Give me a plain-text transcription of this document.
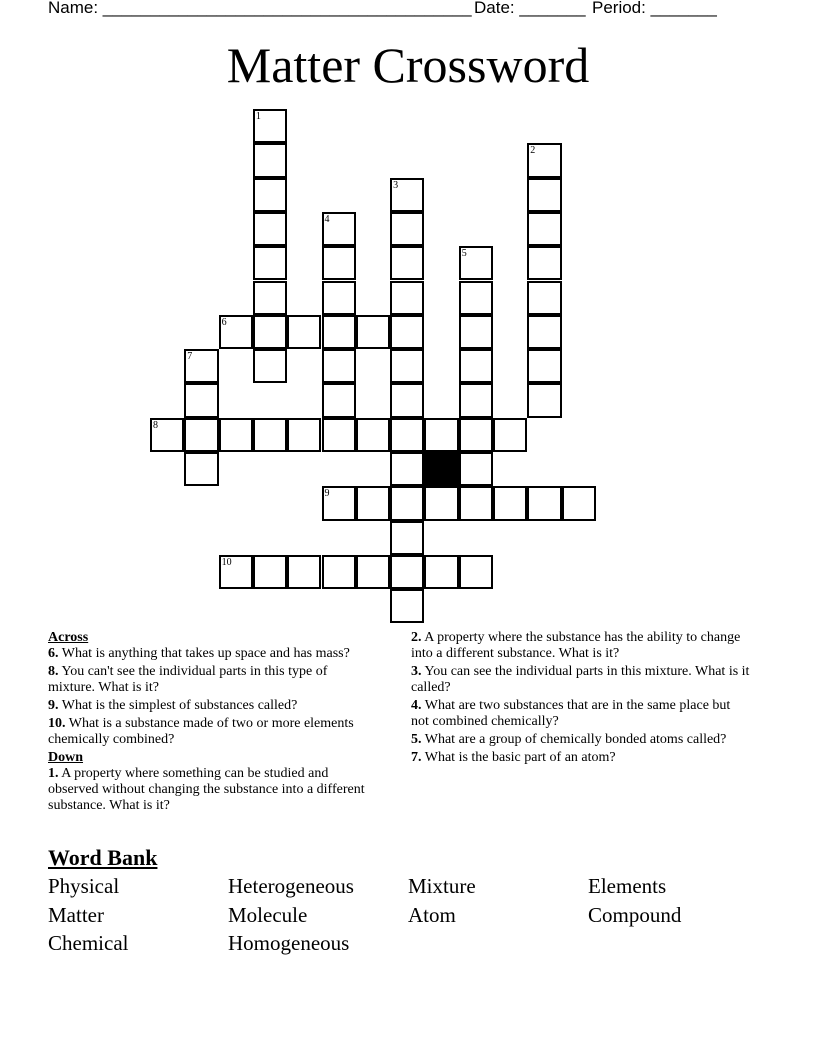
Name: _______________________________________ Date: _______ Period: _______
Matter Crossword
1
2
3
4
5
6
7
8
9
10
Across
6. What is anything that takes up space and has mass?
8. You can't see the individual parts in this type of mixture. What is it?
9. What is the simplest of substances called?
10. What is a substance made of two or more elements chemically combined?
Down
1. A property where something can be studied and observed without changing the substance into a different substance. What is it?
2. A property where the substance has the ability to change into a different substance. What is it?
3. You can see the individual parts in this mixture. What is it called?
4. What are two substances that are in the same place but not combined chemically?
5. What are a group of chemically bonded atoms called?
7. What is the basic part of an atom?
Word Bank
Physical	Heterogeneous	Mixture	Elements
Matter	Molecule	Atom	Compound
Chemical	Homogeneous
